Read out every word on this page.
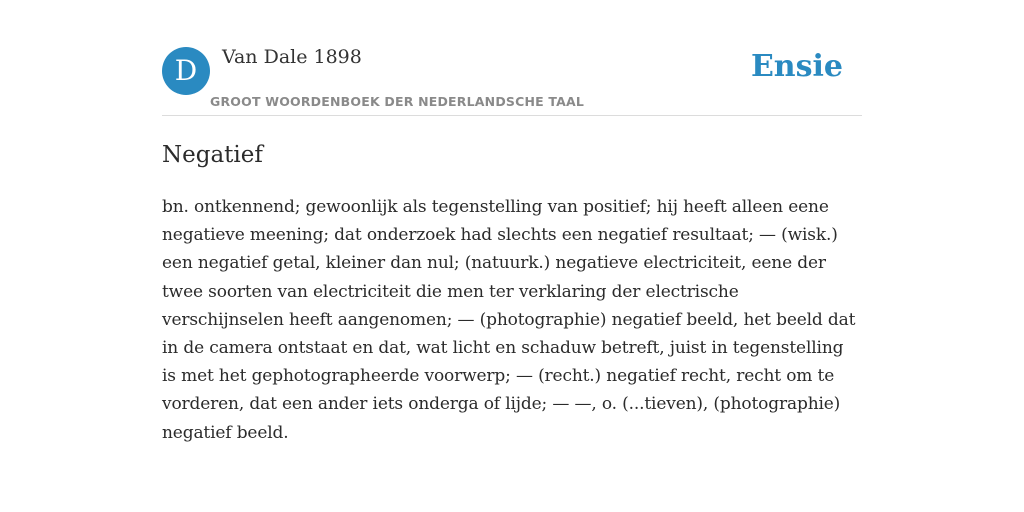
D	Van Dale 1898
GROOT WOORDENBOEK DER NEDERLANDSCHE TAAL
Ensie
Negatief

bn. ontkennend; gewoonlijk als tegenstelling van positief; hij heeft alleen eene negatieve meening; dat onderzoek had slechts een negatief resultaat; — (wisk.) een negatief getal, kleiner dan nul; (natuurk.) negatieve electriciteit, eene der twee soorten van electriciteit die men ter verklaring der electrische verschijnselen heeft aangenomen; — (photographie) negatief beeld, het beeld dat in de camera ontstaat en dat, wat licht en schaduw betreft, juist in tegenstelling is met het gephotographeerde voorwerp; — (recht.) negatief recht, recht om te vorderen, dat een ander iets onderga of lijde; — —, o. (...tieven), (photographie) negatief beeld.
